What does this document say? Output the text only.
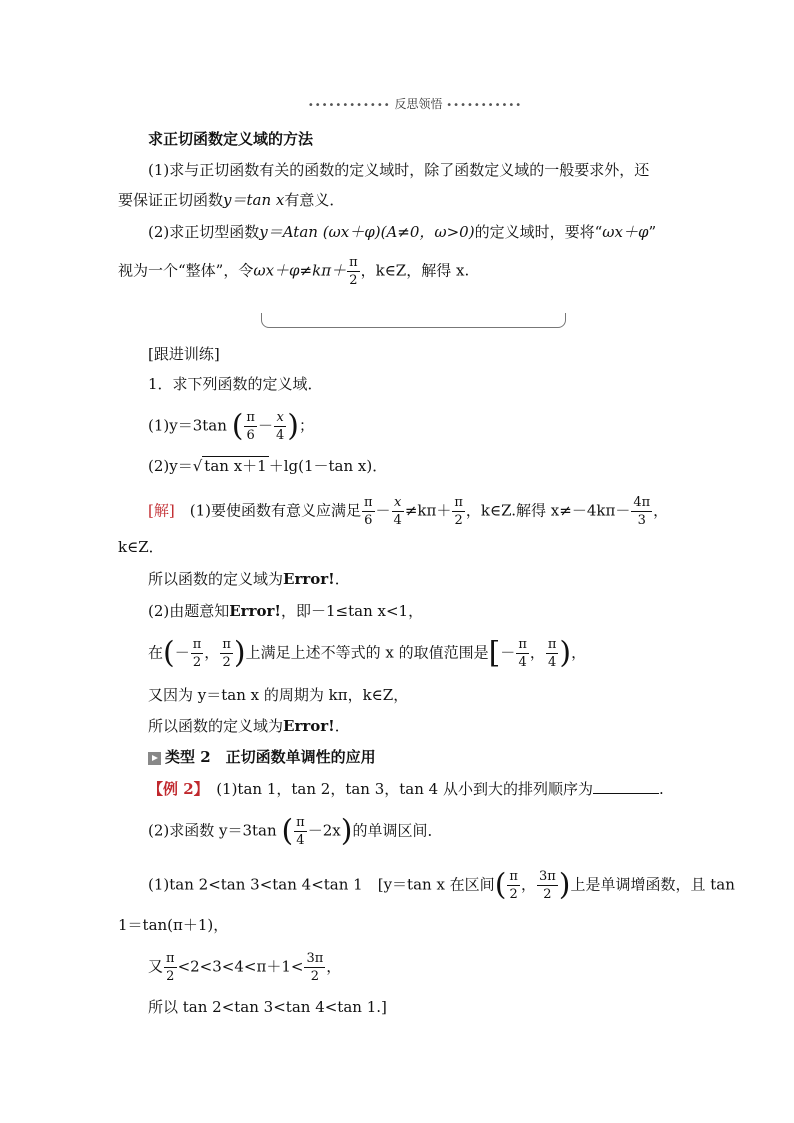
•••••••••••• 反思领悟 •••••••••••
求正切函数定义域的方法
(1)求与正切函数有关的函数的定义域时，除了函数定义域的一般要求外，还
要保证正切函数y＝tan x有意义．
(2)求正切型函数y＝Atan (ωx＋φ)(A≠0，ω>0)的定义域时，要将“ωx＋φ”
视为一个“整体”，令$\omega x+\varphi\ne k\pi+ \frac{\pi}{2}$ ，k∈Z，解得 x.
[跟进训练]
1．求下列函数的定义域．
(1)y＝3tan ( $\frac{\pi}{6} - \frac{x}{4}$ )；
(2)y＝√ tan x＋1 ＋lg(1－tan x)．
[解]　 (1)要使函数有意义应满足 $\frac{\pi}{6} - \frac{x}{4} \ne k\pi+ \frac{\pi}{2}$ ，k∈Z.解得 $x\ne-4k\pi- \frac{4\pi}{3}$ ，
k∈Z．
所以函数的定义域为Error!．
(2)由题意知Error!，即－1≤tan x<1，
在(－ $\frac{\pi}{2}$ ， $\frac{\pi}{2}$ )上满足上述不等式的 x 的取值范围是[－ $\frac{\pi}{4}$ ， $\frac{\pi}{4}$ )，
又因为 y＝tan x 的周期为 kπ，k∈Z，
所以函数的定义域为Error!．
类型 2　正切函数单调性的应用
【例 2】　 (1)tan 1，tan 2，tan 3，tan 4 从小到大的排列顺序为	.
(2)求函数 y＝3tan ( $\frac{\pi}{4} -2x$)的单调区间．
(1)tan 2<tan 3<tan 4<tan 1　[y＝tan x 在区间( $\frac{\pi}{2}$ ， $\frac{3\pi}{2}$ )上是单调增函数，且 tan
1＝tan(π＋1)，
又 $\frac{\pi}{2} <2<3<4<\pi+1< \frac{3\pi}{2}$ ，
所以 tan 2<tan 3<tan 4<tan 1.]
